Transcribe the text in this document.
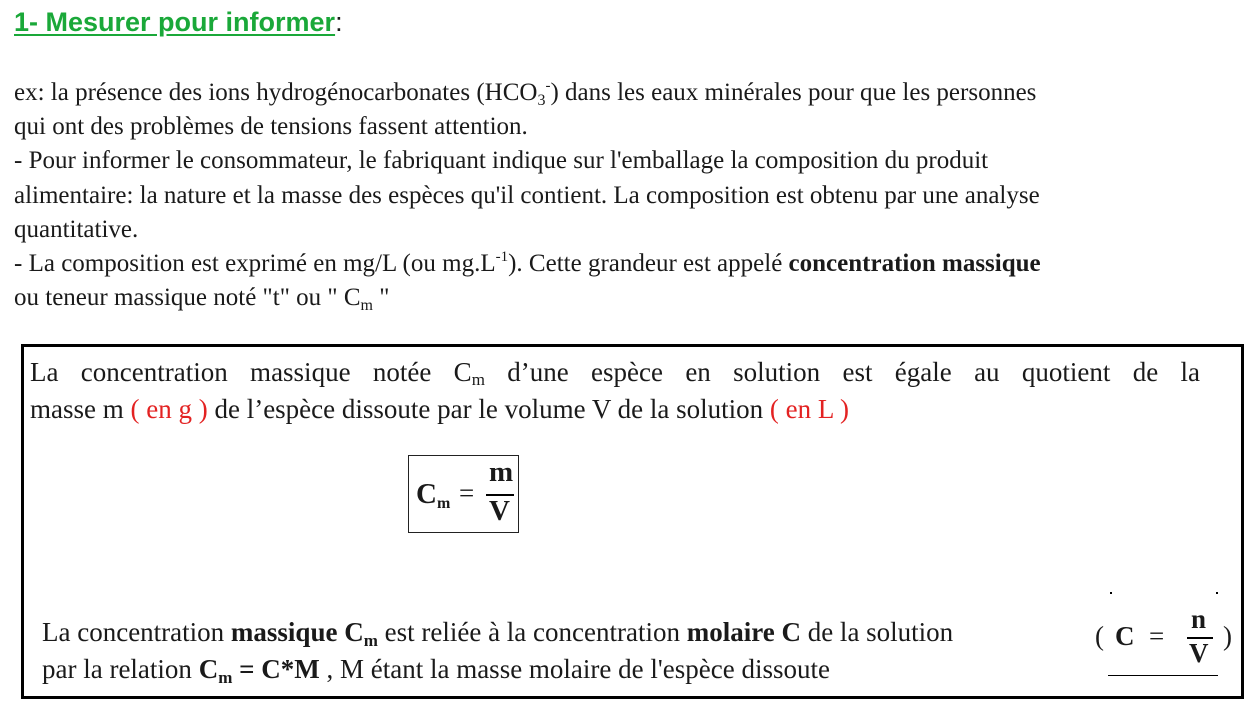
1- Mesurer pour informer:
ex: la présence des ions hydrogénocarbonates $(HCO_3^-)$ dans les eaux minérales pour que les personnes
qui ont des problèmes de tensions fassent attention.
- Pour informer le consommateur, le fabriquant indique sur l'emballage la composition du produit
alimentaire: la nature et la masse des espèces qu'il contient. La composition est obtenu par une analyse
quantitative.
- La composition est exprimé en mg/L (ou $mg.L^{-1}$). Cette grandeur est appelé concentration massique
ou teneur massique noté "t" ou " $C_m$ "
La concentration massique notée $C_m$ d’une espèce en solution est égale au quotient de la
masse m ( en g ) de l’espèce dissoute par le volume V de la solution ( en L )
$C_m$ =
m
V
La concentration massique $C_m$ est reliée à la concentration molaire C de la solution
par la relation $C_m = C*M$ , M étant la masse molaire de l'espèce dissoute
( C =
n
V
)
